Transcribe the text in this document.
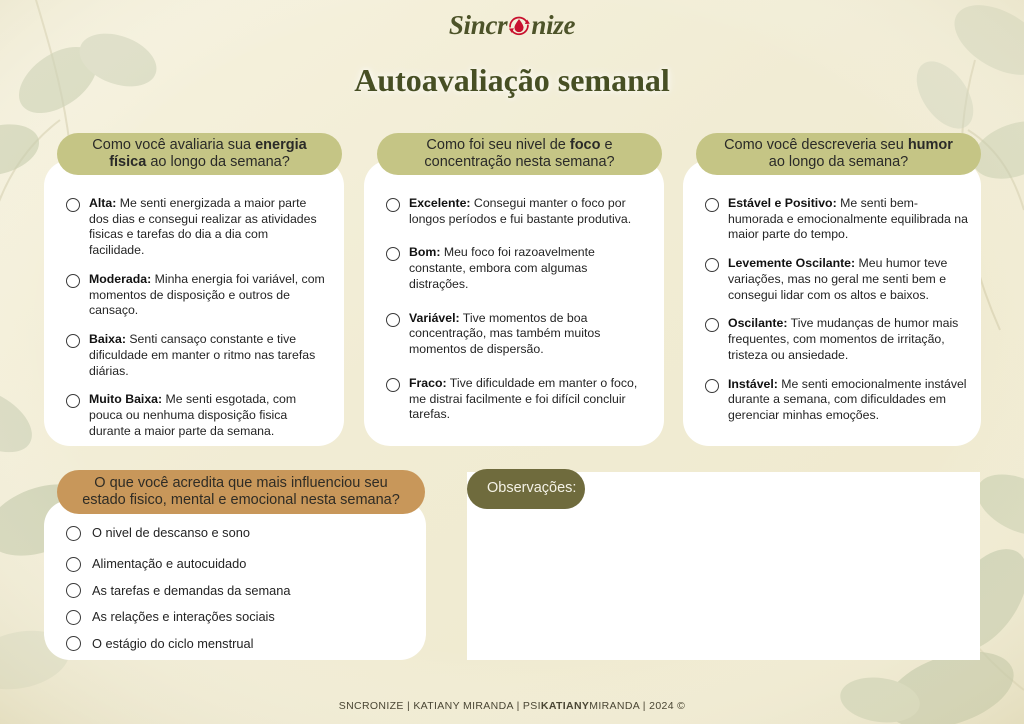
Sincr nize
Autoavaliação semanal
Como você avaliaria sua energia física ao longo da semana?
Alta: Me senti energizada a maior parte dos dias e consegui realizar as atividades fisicas e tarefas do dia a dia com facilidade.
Moderada: Minha energia foi variável, com momentos de disposição e outros de cansaço.
Baixa: Senti cansaço constante e tive dificuldade em manter o ritmo nas tarefas diárias.
Muito Baixa: Me senti esgotada, com pouca ou nenhuma disposição fisica durante a maior parte da semana.
Como foi seu nivel de foco e concentração nesta semana?
Excelente: Consegui manter o foco por longos períodos e fui bastante produtiva.
Bom: Meu foco foi razoavelmente constante, embora com algumas distrações.
Variável: Tive momentos de boa concentração, mas também muitos momentos de dispersão.
Fraco: Tive dificuldade em manter o foco, me distrai facilmente e foi difícil concluir tarefas.
Como você descreveria seu humor ao longo da semana?
Estável e Positivo: Me senti bem-humorada e emocionalmente equilibrada na maior parte do tempo.
Levemente Oscilante: Meu humor teve variações, mas no geral me senti bem e consegui lidar com os altos e baixos.
Oscilante: Tive mudanças de humor mais frequentes, com momentos de irritação, tristeza ou ansiedade.
Instável: Me senti emocionalmente instável durante a semana, com dificuldades em gerenciar minhas emoções.
O que você acredita que mais influenciou seu
estado fisico, mental e emocional nesta semana?
O nivel de descanso e sono
Alimentação e autocuidado
As tarefas e demandas da semana
As relações e interações sociais
O estágio do ciclo menstrual
Observações:
SNCRONIZE | KATIANY MIRANDA | PSIKATIANYMIRANDA | 2024 ©
